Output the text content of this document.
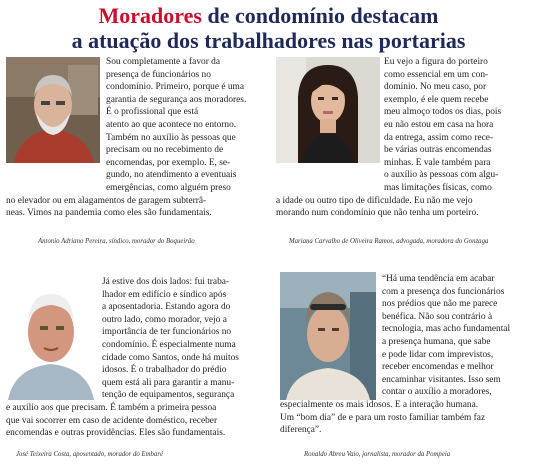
Moradores de condomínio destacam
a atuação dos trabalhadores nas portarias
Sou completamente a favor da
presença de funcionários no
condomínio. Primeiro, porque é uma
garantia de segurança aos moradores.
É o profissional que está
atento ao que acontece no entorno.
Também no auxílio às pessoas que
precisam ou no recebimento de
encomendas, por exemplo. E, se-
gundo, no atendimento a eventuais
emergências, como alguém preso
no elevador ou em alagamentos de garagem subterrâ-
neas. Vimos na pandemia como eles são fundamentais.
Antonio Adriano Pereira, síndico, morador do Boqueirão
Eu vejo a figura do porteiro
como essencial em um con-
domínio. No meu caso, por
exemplo, é ele quem recebe
meu almoço todos os dias, pois
eu não estou em casa na hora
da entrega, assim como rece-
be várias outras encomendas
minhas. E vale também para
o auxílio às pessoas com algu-
mas limitações físicas, como
a idade ou outro tipo de dificuldade. Eu não me vejo
morando num condomínio que não tenha um porteiro.
Mariana Carvalho de Oliveira Ramos, advogada, moradora do Gonzaga
Já estive dos dois lados: fui traba-
lhador em edifício e síndico após
a aposentadoria. Estando agora do
outro lado, como morador, vejo a
importância de ter funcionários no
condomínio. É especialmente numa
cidade como Santos, onde há muitos
idosos. É o trabalhador do prédio
quem está ali para garantir a manu-
tenção de equipamentos, segurança
e auxílio aos que precisam. É também a primeira pessoa
que vai socorrer em caso de acidente doméstico, receber
encomendas e outras providências. Eles são fundamentais.
José Teixeira Costa, aposentado, morador do Embaré
“Há uma tendência em acabar
com a presença dos funcionários
nos prédios que não me parece
benéfica. Não sou contrário à
tecnologia, mas acho fundamental
a presença humana, que sabe
e pode lidar com imprevistos,
receber encomendas e melhor
encaminhar visitantes. Isso sem
contar o auxílio a moradores,
especialmente os mais idosos. E a interação humana.
Um “bom dia” de e para um rosto familiar também faz
diferença”.
Ronaldo Abreu Vaio, jornalista, morador da Pompeia
